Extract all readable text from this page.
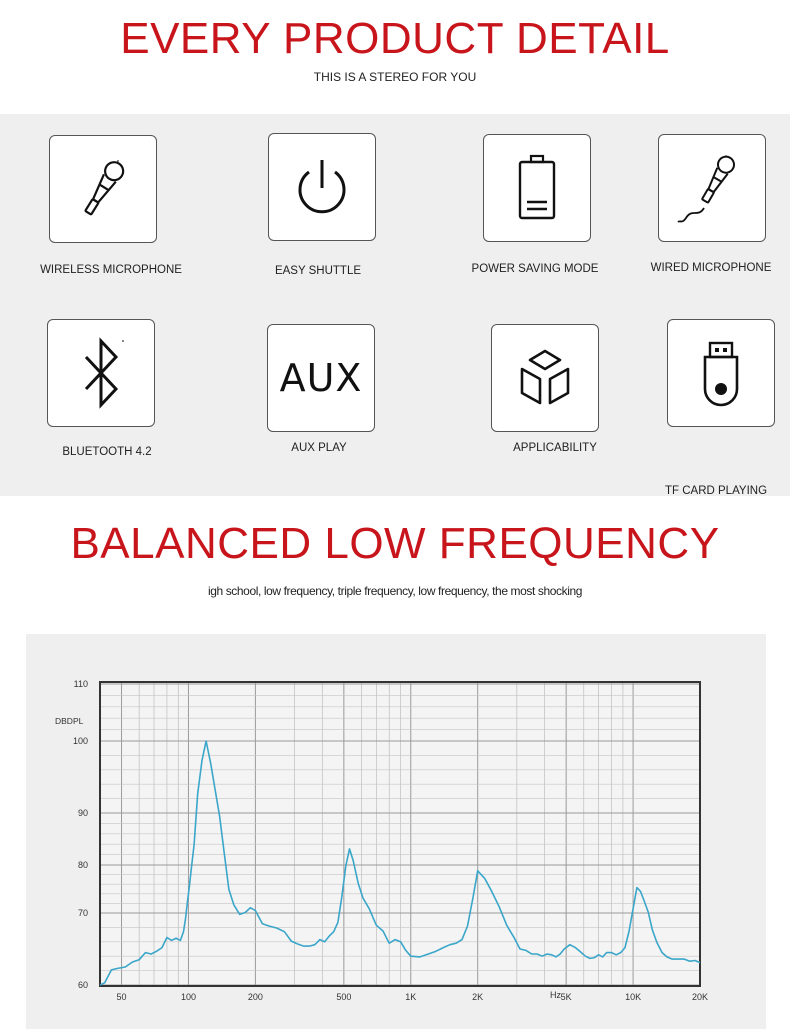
EVERY PRODUCT DETAIL
THIS IS A STEREO FOR YOU
WIRELESS MICROPHONE	EASY SHUTTLE	POWER SAVING MODE	WIRED MICROPHONE
AUX
BLUETOOTH 4.2	AUX PLAY	APPLICABILITY
TF CARD PLAYING
BALANCED LOW FREQUENCY
igh school, low frequency, triple frequency, low frequency, the most shocking
110
100
90
80
70
60
50	100	200	500	1K	2K	5K	10K	20K
DBDPL
Hz
